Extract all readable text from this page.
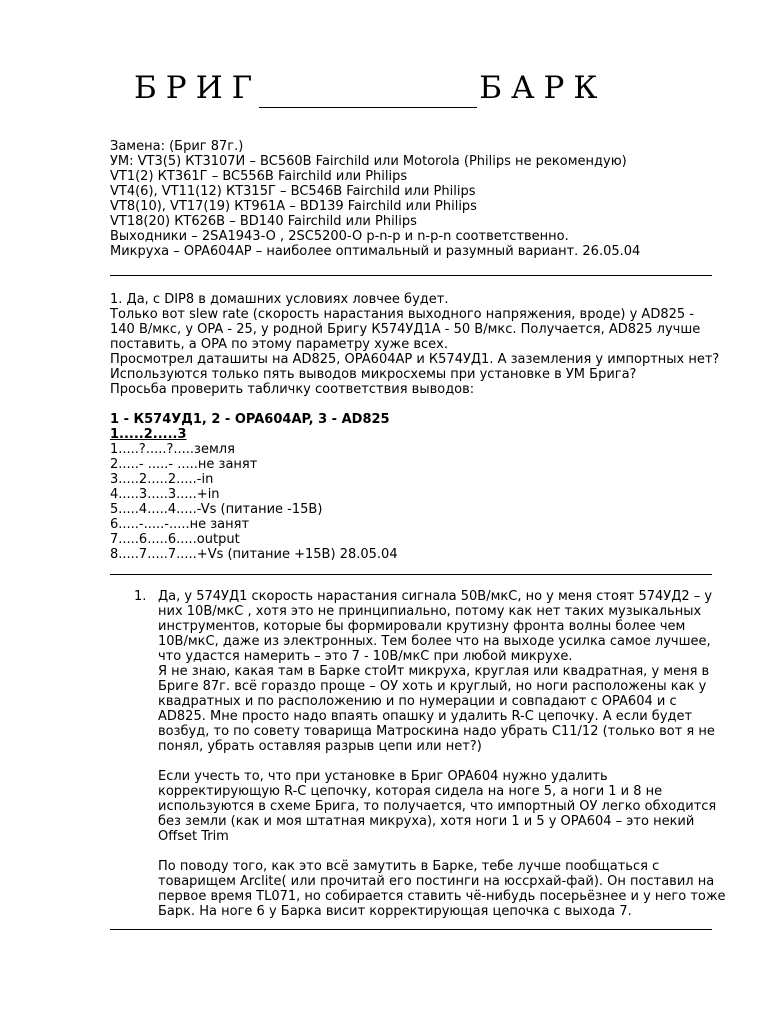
БРИГ	БАРК
Замена: (Бриг 87г.)
УМ: VT3(5) КТ3107И – BC560B Fairchild или Motorola (Philips не рекомендую)
VT1(2) КТ361Г – BC556B Fairchild или Philips
VT4(6), VT11(12) КТ315Г – BC546B Fairchild или Philips
VT8(10), VT17(19) КТ961А – BD139 Fairchild или Philips
VT18(20) КТ626В – BD140 Fairchild или Philips
Выходники – 2SA1943-O , 2SC5200-O p-n-p и n-p-n соответственно.
Микруха – OPA604AP – наиболее оптимальный и разумный вариант. 26.05.04
1. Да, с DIP8 в домашних условиях ловчее будет.
Только вот slew rate (скорость нарастания выходного напряжения, вроде) у AD825 -
140 В/мкс, у OPA - 25, у родной Бригу К574УД1А - 50 В/мкс. Получается, AD825 лучше
поставить, а OPA по этому параметру хуже всех.
Просмотрел даташиты на AD825, OPA604AP и К574УД1. А заземления у импортных нет?
Используются только пять выводов микросхемы при установке в УМ Брига?
Просьба проверить табличку соответствия выводов:
1 - К574УД1, 2 - OPA604AP, 3 - AD825
1.....2.....3
1.....?.....?.....земля
2.....- .....- .....не занят
3.....2.....2.....-in
4.....3.....3.....+in
5.....4.....4.....-Vs (питание -15В)
6.....-.....-.....не занят
7.....6.....6.....output
8.....7.....7.....+Vs (питание +15В) 28.05.04
1. Да, у 574УД1 скорость нарастания сигнала 50В/мкС, но у меня стоят 574УД2 – у
них 10В/мкС , хотя это не принципиально, потому как нет таких музыкальных
инструментов, которые бы формировали крутизну фронта волны более чем
10В/мкС, даже из электронных. Тем более что на выходе усилка самое лучшее,
что удастся намерить – это 7 - 10В/мкС при любой микрухе.
Я не знаю, какая там в Барке стоИт микруха, круглая или квадратная, у меня в
Бриге 87г. всё гораздо проще – ОУ хоть и круглый, но ноги расположены как у
квадратных и по расположению и по нумерации и совпадают с OPA604 и с
AD825. Мне просто надо впаять опашку и удалить R-C цепочку. А если будет
возбуд, то по совету товарища Матроскина надо убрать С11/12 (только вот я не
понял, убрать оставляя разрыв цепи или нет?)
Если учесть то, что при установке в Бриг OPA604 нужно удалить
корректирующую R-C цепочку, которая сидела на ноге 5, а ноги 1 и 8 не
используются в схеме Брига, то получается, что импортный ОУ легко обходится
без земли (как и моя штатная микруха), хотя ноги 1 и 5 у OPA604 – это некий
Offset Trim
По поводу того, как это всё замутить в Барке, тебе лучше пообщаться с
товарищем Arclite( или прочитай его постинги на юссрхай-фай). Он поставил на
первое время TL071, но собирается ставить чё-нибудь посерьёзнее и у него тоже
Барк. На ноге 6 у Барка висит корректирующая цепочка с выхода 7.
